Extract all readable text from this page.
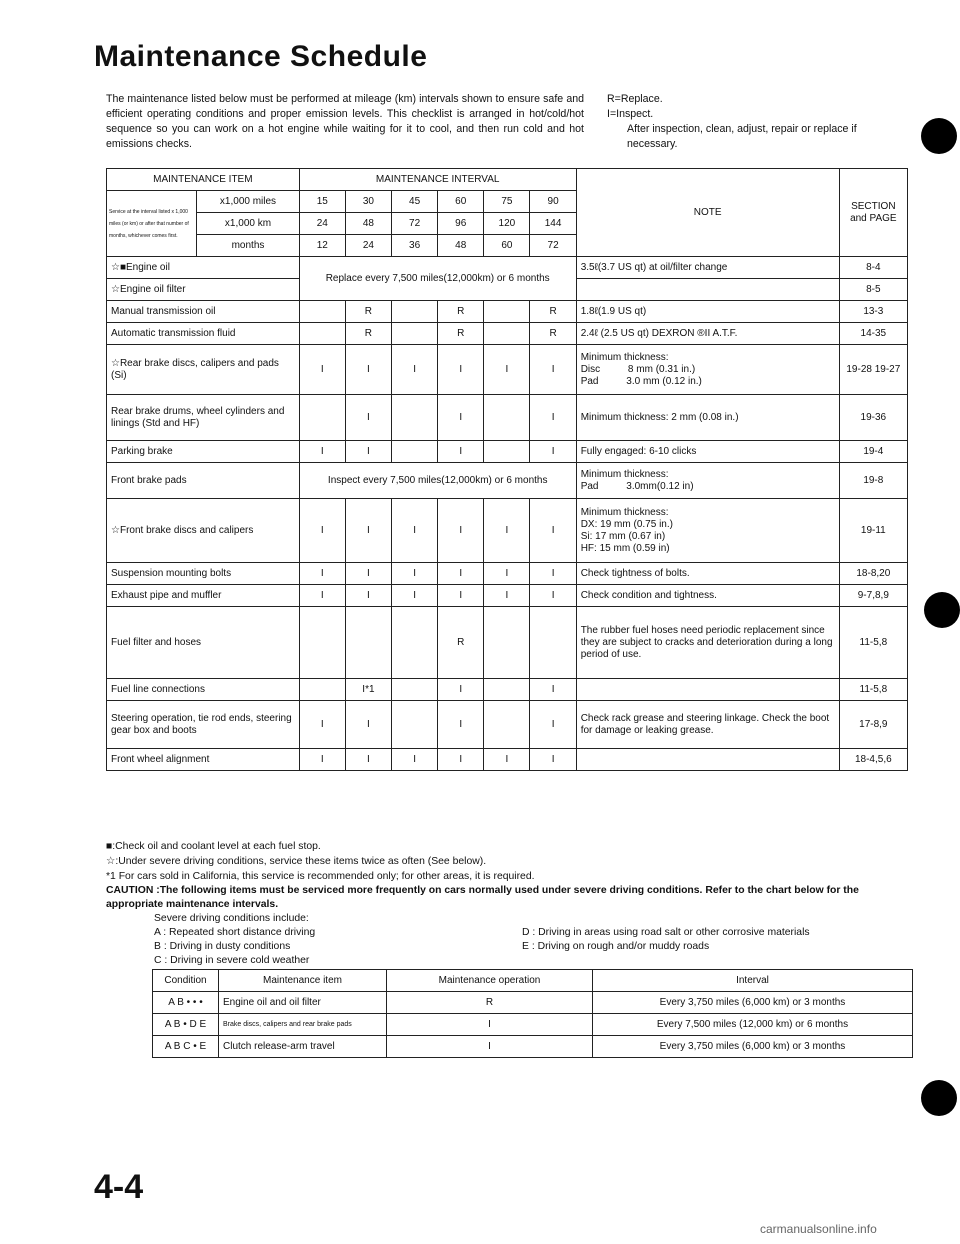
Maintenance Schedule

The maintenance listed below must be performed at mileage (km) intervals shown to ensure safe and efficient operating conditions and proper emission levels. This checklist is arranged in hot/cold/hot sequence so you can work on a hot engine while waiting for it to cool, and then run cold and hot emissions checks.

R=Replace.
I=Inspect.
After inspection, clean, adjust, repair or replace if necessary.
MAINTENANCE ITEM		MAINTENANCE INTERVAL						NOTE	SECTION and PAGE
Service at the interval listed x 1,000 miles (or km) or after that number of months, whichever comes first.	x1,000 miles	15	30	45	60	75	90		
	x1,000 km	24	48	72	96	120	144		
	months	12	24	36	48	60	72		
☆■Engine oil		Replace every 7,500 miles(12,000km) or 6 months						3.5ℓ(3.7 US qt) at oil/filter change	8-4
☆Engine oil filter									8-5
Manual transmission oil			R		R		R	1.8ℓ(1.9 US qt)	13-3
Automatic transmission fluid			R		R		R	2.4ℓ (2.5 US qt) DEXRON ®II A.T.F.	14-35
☆Rear brake discs, calipers and pads (Si)		I	I	I	I	I	I	Minimum thickness:
Disc          8 mm (0.31 in.)
Pad          3.0 mm (0.12 in.)	19-28 19-27
Rear brake drums, wheel cylinders and linings (Std and HF)			I		I		I	Minimum thickness: 2 mm (0.08 in.)	19-36
Parking brake		I	I		I		I	Fully engaged: 6-10 clicks	19-4
Front brake pads		Inspect every 7,500 miles(12,000km) or 6 months						Minimum thickness:
Pad          3.0mm(0.12 in)	19-8
☆Front brake discs and calipers		I	I	I	I	I	I	Minimum thickness:
DX: 19 mm (0.75 in.)
Si: 17 mm (0.67 in)
HF: 15 mm (0.59 in)	19-11
Suspension mounting bolts		I	I	I	I	I	I	Check tightness of bolts.	18-8,20
Exhaust pipe and muffler		I	I	I	I	I	I	Check condition and tightness.	9-7,8,9
Fuel filter and hoses					R			The rubber fuel hoses need periodic replacement since they are subject to cracks and deterioration during a long period of use.	11-5,8
Fuel line connections			I*1		I		I		11-5,8
Steering operation, tie rod ends, steering gear box and boots		I	I		I		I	Check rack grease and steering linkage. Check the boot for damage or leaking grease.	17-8,9
Front wheel alignment		I	I	I	I	I	I		18-4,5,6
■:Check oil and coolant level at each fuel stop.
☆:Under severe driving conditions, service these items twice as often (See below).
*1 For cars sold in California, this service is recommended only; for other areas, it is required.
CAUTION :The following items must be serviced more frequently on cars normally used under severe driving conditions. Refer to the chart below for the appropriate maintenance intervals.
Severe driving conditions include:
A : Repeated short distance driving
B : Driving in dusty conditions
C : Driving in severe cold weather
D : Driving in areas using road salt or other corrosive materials
E : Driving on rough and/or muddy roads
Condition	Maintenance item	Maintenance operation	Interval
A B • • •	Engine oil and oil filter	R	Every 3,750 miles (6,000 km) or 3 months
A B • D E	Brake discs, calipers and rear brake pads	I	Every 7,500 miles (12,000 km) or 6 months
A B C • E	Clutch release-arm travel	I	Every 3,750 miles (6,000 km) or 3 months
4-4
carmanualsonline.info
